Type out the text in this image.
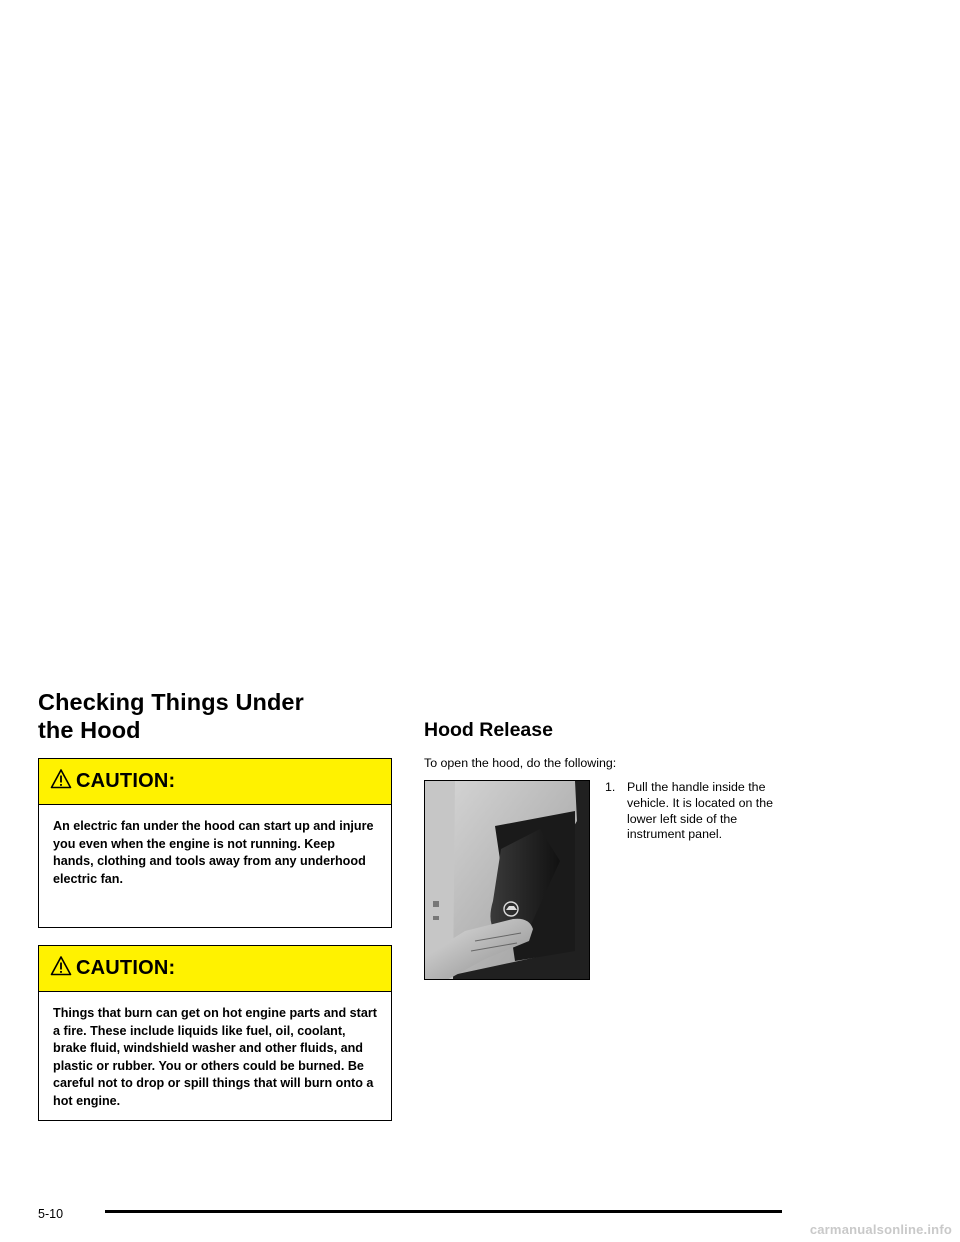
Checking Things Under
the Hood
CAUTION:
An electric fan under the hood can start up and injure you even when the engine is not running. Keep hands, clothing and tools away from any underhood electric fan.
CAUTION:
Things that burn can get on hot engine parts and start a fire. These include liquids like fuel, oil, coolant, brake fluid, windshield washer and other fluids, and plastic or rubber. You or others could be burned. Be careful not to drop or spill things that will burn onto a hot engine.
Hood Release
To open the hood, do the following:
1. Pull the handle inside the vehicle. It is located on the lower left side of the instrument panel.
5-10
carmanualsonline.info
